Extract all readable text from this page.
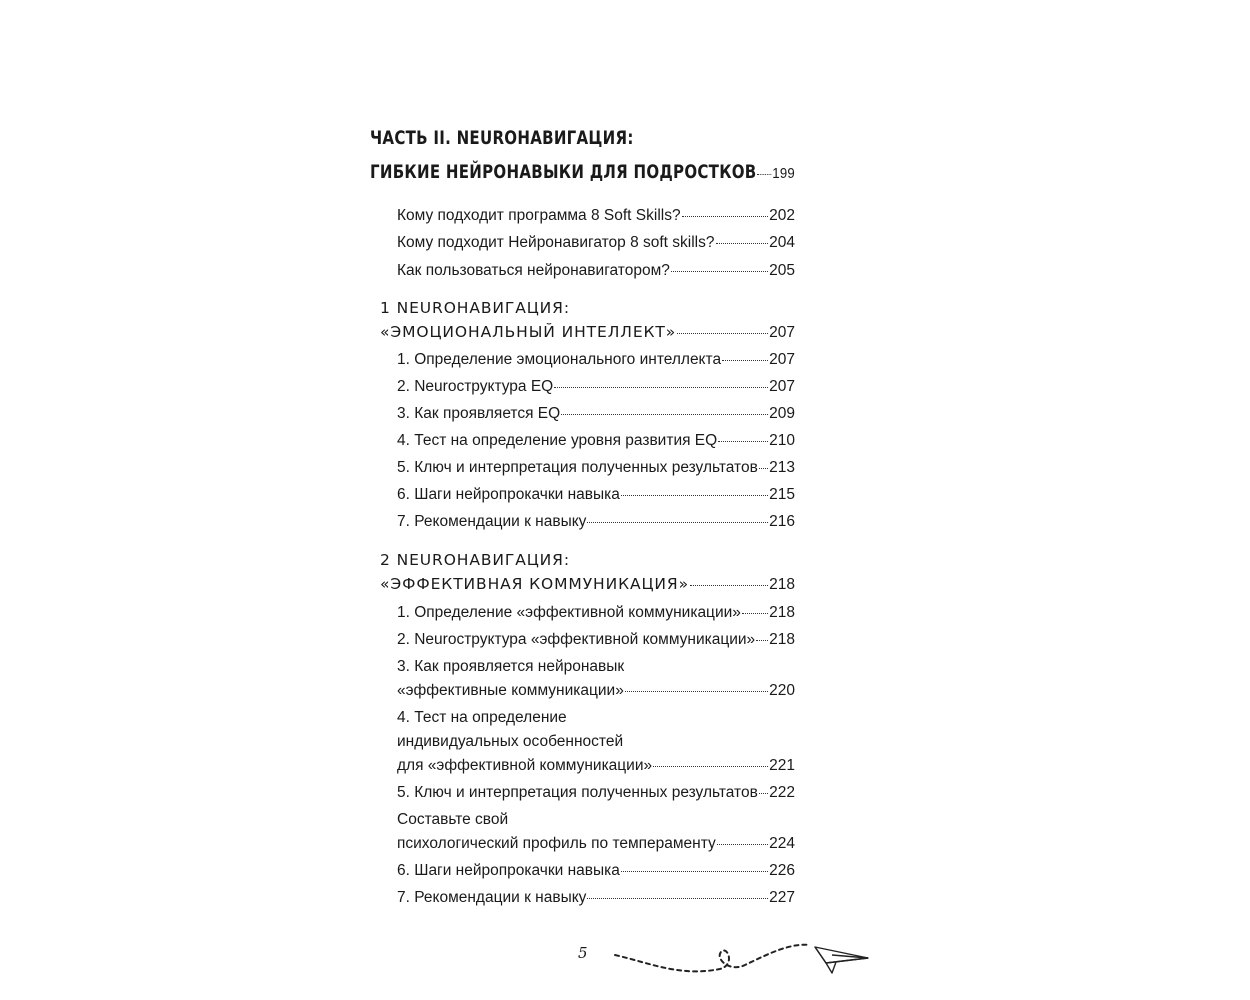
ЧАСТЬ II. NEUROНАВИГАЦИЯ:
ГИБКИЕ НЕЙРОНАВЫКИ ДЛЯ ПОДРОСТКОВ 199
Кому подходит программа 8 Soft Skills?	202
Кому подходит Нейронавигатор 8 soft skills?	204
Как пользоваться нейронавигатором?	205
1 NEUROНАВИГАЦИЯ:
«ЭМОЦИОНАЛЬНЫЙ ИНТЕЛЛЕКТ»	207
1. Определение эмоционального интеллекта	207
2. Neuroструктура EQ	207
3. Как проявляется EQ	209
4. Тест на определение уровня развития EQ	210
5. Ключ и интерпретация полученных результатов 213
6. Шаги нейропрокачки навыка	215
7. Рекомендации к навыку	216
2 NEUROНАВИГАЦИЯ:
«ЭФФЕКТИВНАЯ КОММУНИКАЦИЯ»	218
1. Определение «эффективной коммуникации» 218
2. Neuroструктура «эффективной коммуникации» 218
3. Как проявляется нейронавык
«эффективные коммуникации»	220
4. Тест на определение
индивидуальных особенностей
для «эффективной коммуникации»	221
5. Ключ и интерпретация полученных результатов 222
Составьте свой
психологический профиль по темпераменту	224
6. Шаги нейропрокачки навыка	226
7. Рекомендации к навыку	227
5
